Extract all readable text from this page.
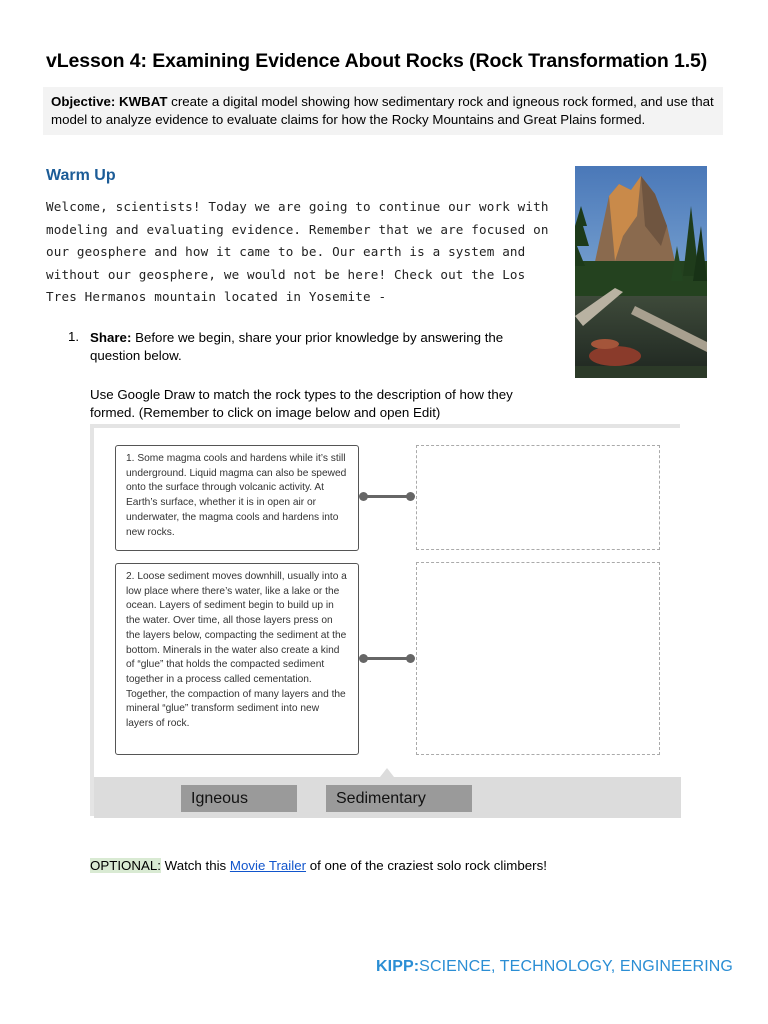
vLesson 4: Examining Evidence About Rocks (Rock Transformation 1.5)
Objective: KWBAT create a digital model showing how sedimentary rock and igneous rock formed, and use that model to analyze evidence to evaluate claims for how the Rocky Mountains and Great Plains formed.
Warm Up
Welcome, scientists! Today we are going to continue our work with modeling and evaluating evidence. Remember that we are focused on our geosphere and how it came to be. Our earth is a system and without our geosphere, we would not be here! Check out the Los Tres Hermanos mountain located in Yosemite -
1. Share: Before we begin, share your prior knowledge by answering the question below.
Use Google Draw to match the rock types to the description of how they formed. (Remember to click on image below and open Edit)
1. Some magma cools and hardens while it’s still underground. Liquid magma can also be spewed onto the surface through volcanic activity. At Earth’s surface, whether it is in open air or underwater, the magma cools and hardens into new rocks.
2. Loose sediment moves downhill, usually into a low place where there’s water, like a lake or the ocean. Layers of sediment begin to build up in the water. Over time, all those layers press on the layers below, compacting the sediment at the bottom. Minerals in the water also create a kind of “glue” that holds the compacted sediment together in a process called cementation. Together, the compaction of many layers and the mineral “glue” transform sediment into new layers of rock.
Igneous	Sedimentary
OPTIONAL: Watch this Movie Trailer of one of the craziest solo rock climbers!
KIPP:SCIENCE, TECHNOLOGY, ENGINEERING
